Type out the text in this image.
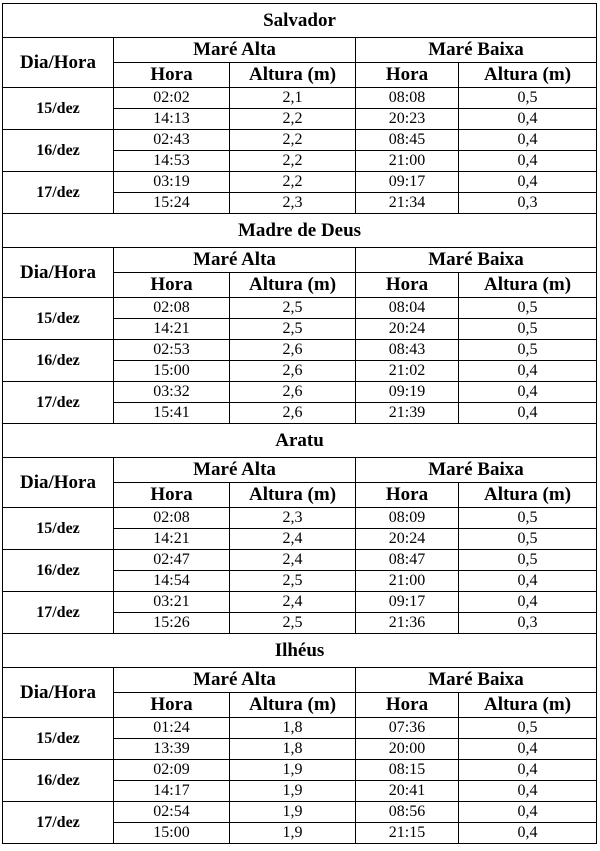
Salvador				
Dia/Hora	Maré Alta		Maré Baixa	
	Hora	Altura (m)	Hora	Altura (m)
15/dez	02:02	2,1	08:08	0,5
	14:13	2,2	20:23	0,4
16/dez	02:43	2,2	08:45	0,4
	14:53	2,2	21:00	0,4
17/dez	03:19	2,2	09:17	0,4
	15:24	2,3	21:34	0,3
Madre de Deus				
Dia/Hora	Maré Alta		Maré Baixa	
	Hora	Altura (m)	Hora	Altura (m)
15/dez	02:08	2,5	08:04	0,5
	14:21	2,5	20:24	0,5
16/dez	02:53	2,6	08:43	0,5
	15:00	2,6	21:02	0,4
17/dez	03:32	2,6	09:19	0,4
	15:41	2,6	21:39	0,4
Aratu				
Dia/Hora	Maré Alta		Maré Baixa	
	Hora	Altura (m)	Hora	Altura (m)
15/dez	02:08	2,3	08:09	0,5
	14:21	2,4	20:24	0,5
16/dez	02:47	2,4	08:47	0,5
	14:54	2,5	21:00	0,4
17/dez	03:21	2,4	09:17	0,4
	15:26	2,5	21:36	0,3
Ilhéus				
Dia/Hora	Maré Alta		Maré Baixa	
	Hora	Altura (m)	Hora	Altura (m)
15/dez	01:24	1,8	07:36	0,5
	13:39	1,8	20:00	0,4
16/dez	02:09	1,9	08:15	0,4
	14:17	1,9	20:41	0,4
17/dez	02:54	1,9	08:56	0,4
	15:00	1,9	21:15	0,4
